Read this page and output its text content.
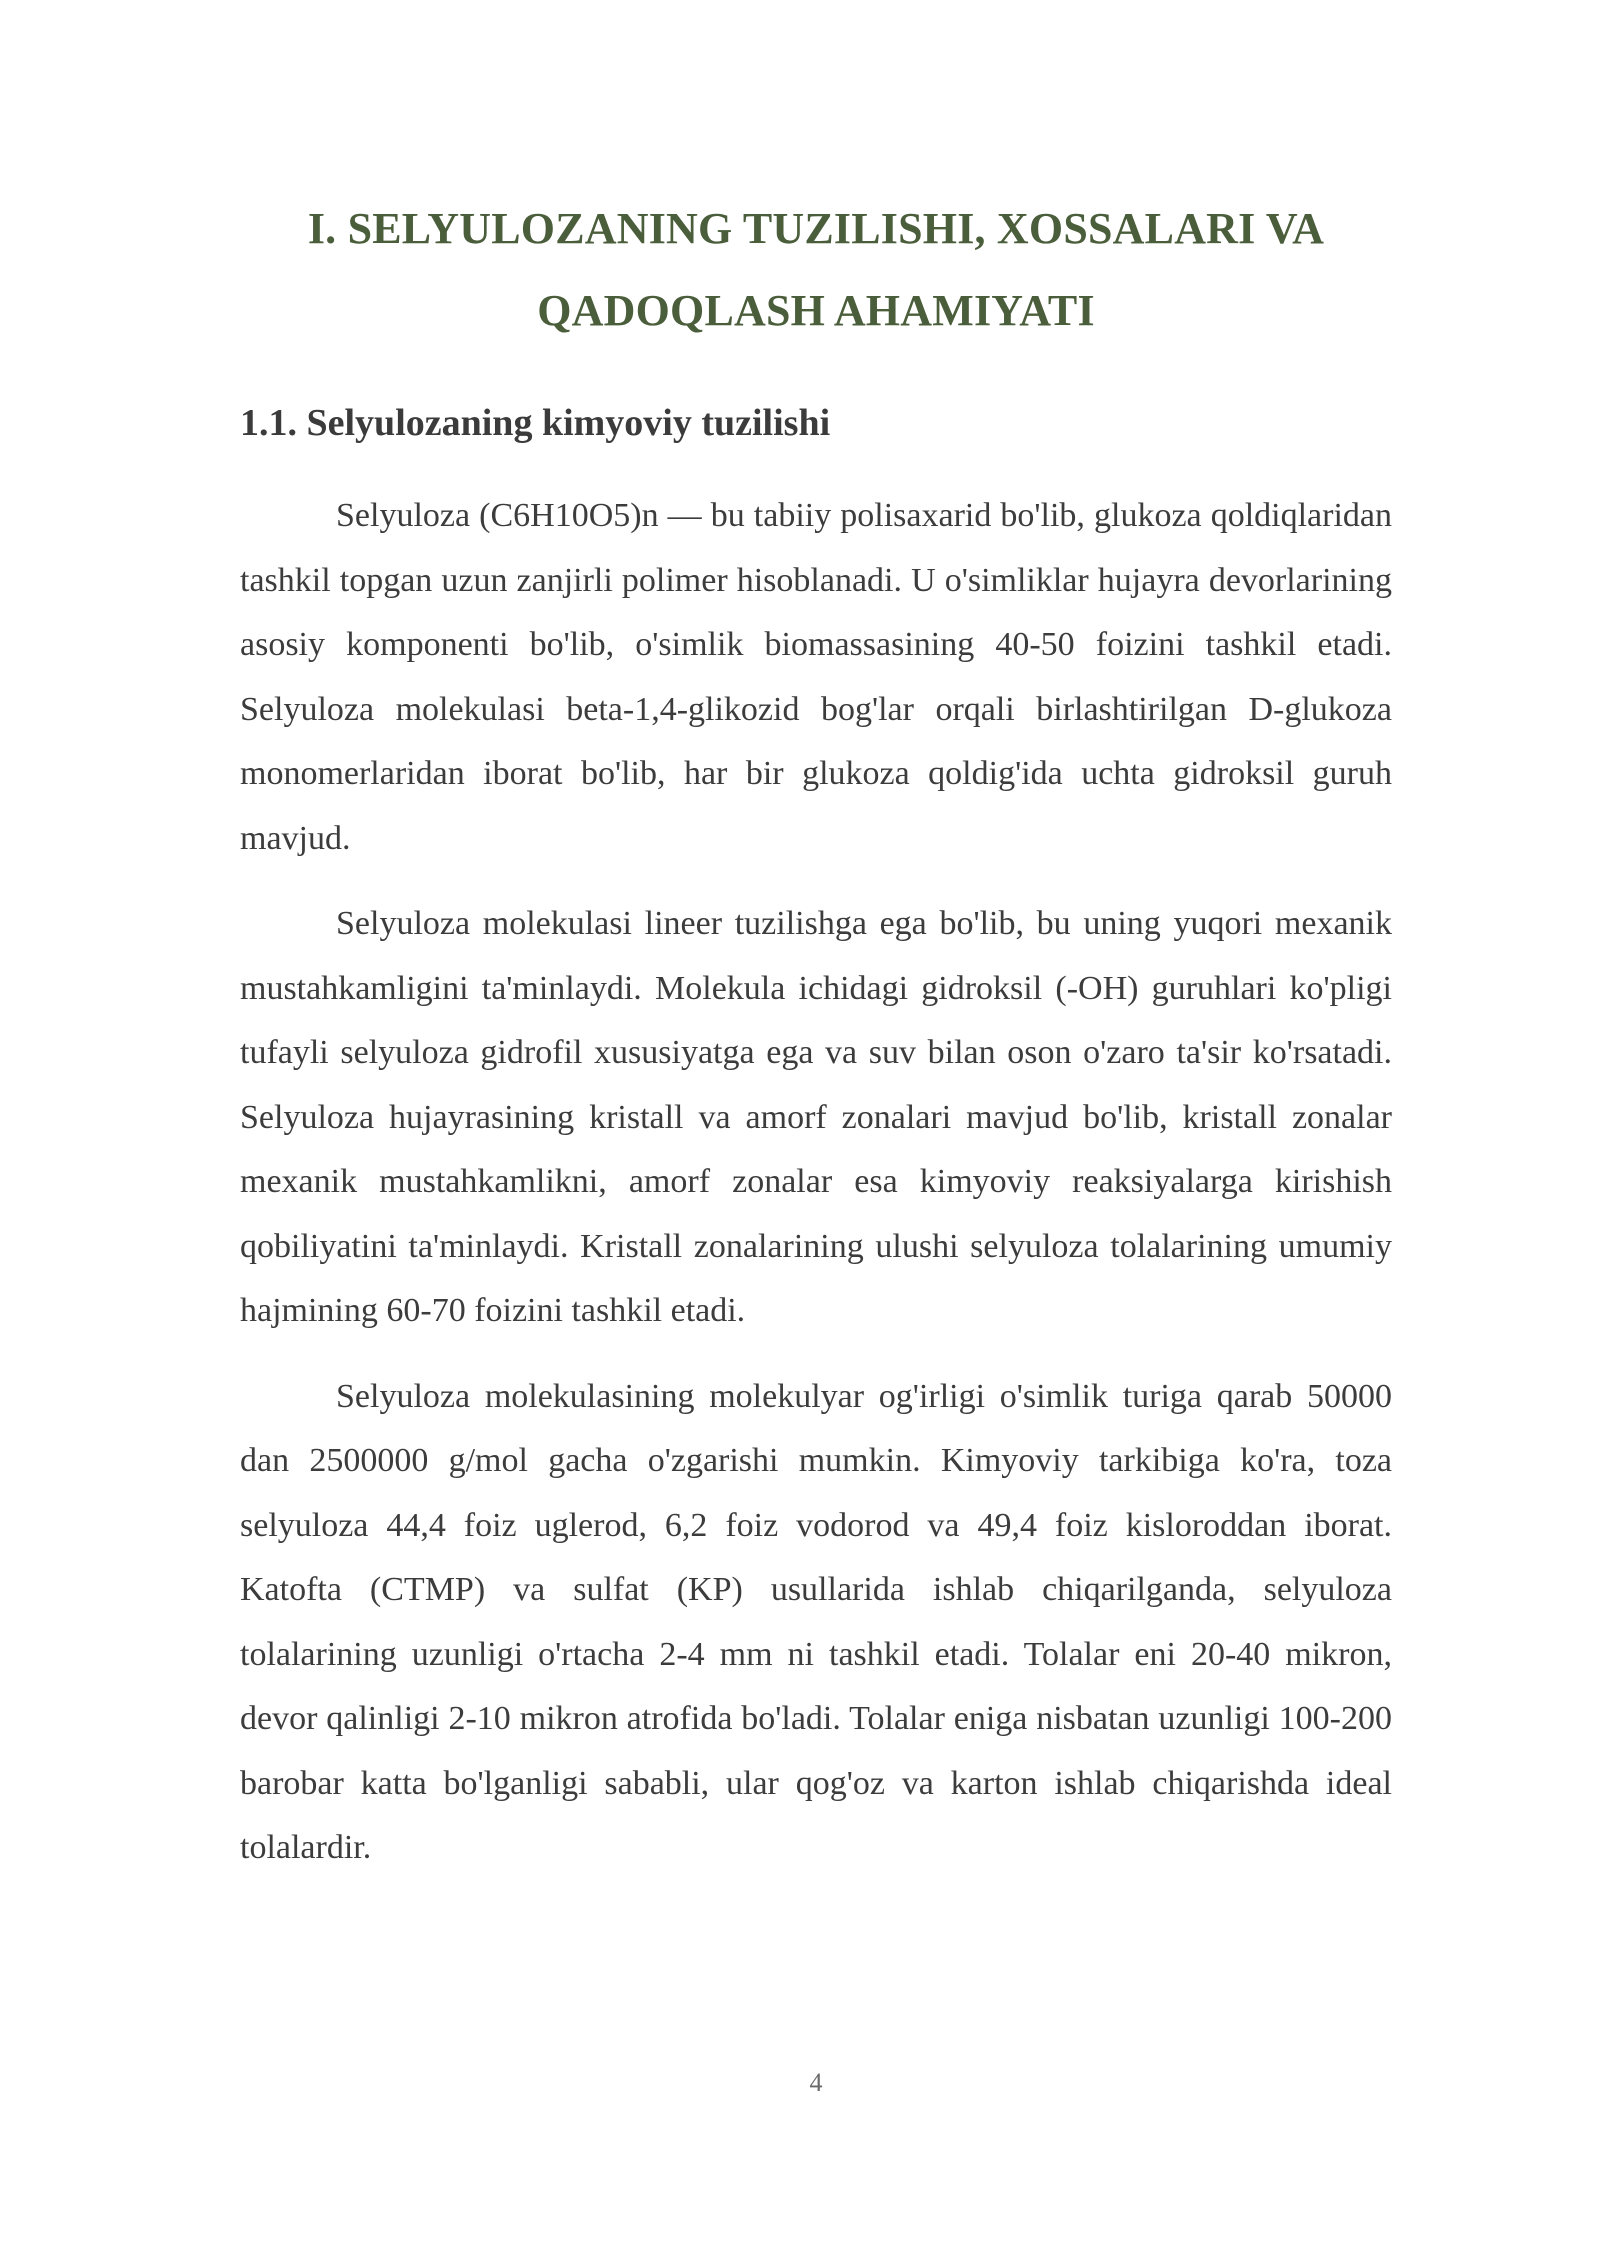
I. SELYULOZANING TUZILISHI, XOSSALARI VA
QADOQLASH AHAMIYATI
1.1. Selyulozaning kimyoviy tuzilishi

Selyuloza (C6H10O5)n — bu tabiiy polisaxarid bo'lib, glukoza qoldiqlaridan tashkil topgan uzun zanjirli polimer hisoblanadi. U o'simliklar hujayra devorlarining asosiy komponenti bo'lib, o'simlik biomassasining 40-50 foizini tashkil etadi. Selyuloza molekulasi beta-1,4-glikozid bog'lar orqali birlashtirilgan D-glukoza monomerlaridan iborat bo'lib, har bir glukoza qoldig'ida uchta gidroksil guruh mavjud.

Selyuloza molekulasi lineer tuzilishga ega bo'lib, bu uning yuqori mexanik mustahkamligini ta'minlaydi. Molekula ichidagi gidroksil (-OH) guruhlari ko'pligi tufayli selyuloza gidrofil xususiyatga ega va suv bilan oson o'zaro ta'sir ko'rsatadi. Selyuloza hujayrasining kristall va amorf zonalari mavjud bo'lib, kristall zonalar mexanik mustahkamlikni, amorf zonalar esa kimyoviy reaksiyalarga kirishish qobiliyatini ta'minlaydi. Kristall zonalarining ulushi selyuloza tolalarining umumiy hajmining 60-70 foizini tashkil etadi.

Selyuloza molekulasining molekulyar og'irligi o'simlik turiga qarab 50000 dan 2500000 g/mol gacha o'zgarishi mumkin. Kimyoviy tarkibiga ko'ra, toza selyuloza 44,4 foiz uglerod, 6,2 foiz vodorod va 49,4 foiz kisloroddan iborat. Katofta (CTMP) va sulfat (KP) usullarida ishlab chiqarilganda, selyuloza tolalarining uzunligi o'rtacha 2-4 mm ni tashkil etadi. Tolalar eni 20-40 mikron, devor qalinligi 2-10 mikron atrofida bo'ladi. Tolalar eniga nisbatan uzunligi 100-200 barobar katta bo'lganligi sababli, ular qog'oz va karton ishlab chiqarishda ideal tolalardir.

4
